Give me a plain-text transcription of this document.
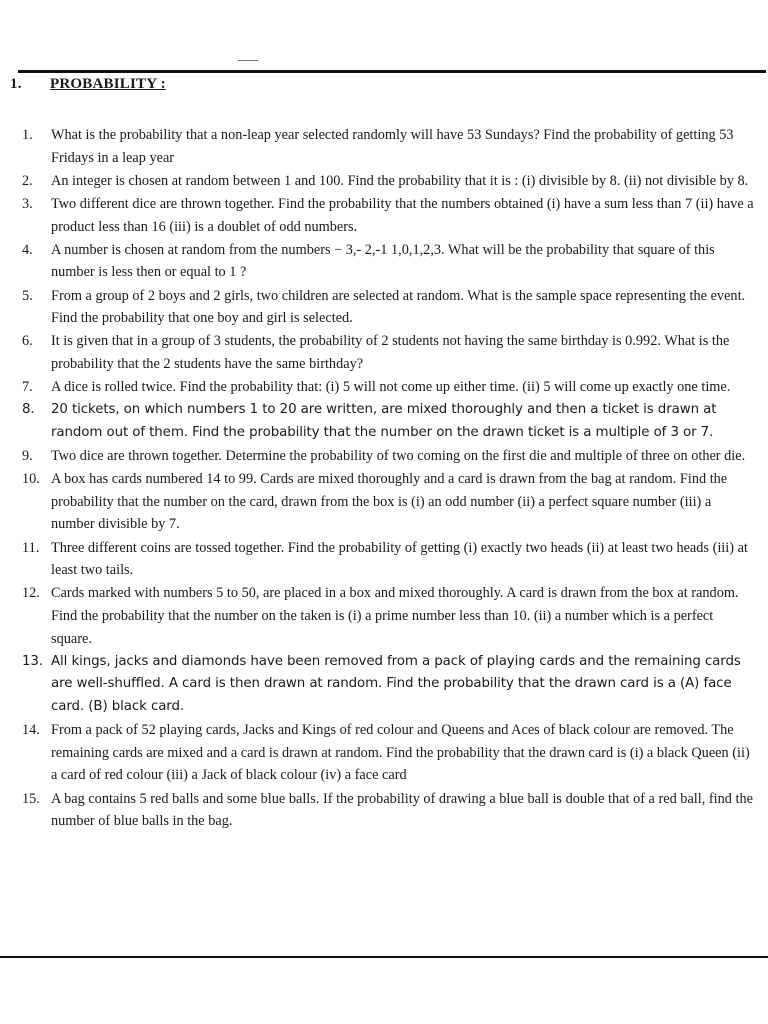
1. PROBABILITY :
1.	What is the probability that a non-leap year selected randomly will have 53 Sundays? Find the probability of getting 53 Fridays in a leap year
2.	An integer is chosen at random between 1 and 100. Find the probability that it is : (i) divisible by 8. (ii) not divisible by 8.
3.	Two different dice are thrown together. Find the probability that the numbers obtained (i) have a sum less than 7 (ii) have a product less than 16 (iii) is a doublet of odd numbers.
4.	A number is chosen at random from the numbers − 3,- 2,-1 1,0,1,2,3. What will be the probability that square of this number is less then or equal to 1 ?
5.	From a group of 2 boys and 2 girls, two children are selected at random. What is the sample space representing the event. Find the probability that one boy and girl is selected.
6.	It is given that in a group of 3 students, the probability of 2 students not having the same birthday is 0.992. What is the probability that the 2 students have the same birthday?
7.	A dice is rolled twice. Find the probability that: (i) 5 will not come up either time. (ii) 5 will come up exactly one time.
8.	20 tickets, on which numbers 1 to 20 are written, are mixed thoroughly and then a ticket is drawn at random out of them. Find the probability that the number on the drawn ticket is a multiple of 3 or 7.
9.	Two dice are thrown together. Determine the probability of two coming on the first die and multiple of three on other die.
10. A box has cards numbered 14 to 99. Cards are mixed thoroughly and a card is drawn from the bag at random. Find the probability that the number on the card, drawn from the box is (i) an odd number (ii) a perfect square number (iii) a number divisible by 7.
11. Three different coins are tossed together. Find the probability of getting (i) exactly two heads (ii) at least two heads (iii) at least two tails.
12. Cards marked with numbers 5 to 50, are placed in a box and mixed thoroughly. A card is drawn from the box at random. Find the probability that the number on the taken is (i) a prime number less than 10. (ii) a number which is a perfect square.
13. All kings, jacks and diamonds have been removed from a pack of playing cards and the remaining cards are well-shuffled. A card is then drawn at random. Find the probability that the drawn card is a (A) face card. (B) black card.
14. From a pack of 52 playing cards, Jacks and Kings of red colour and Queens and Aces of black colour are removed. The remaining cards are mixed and a card is drawn at random. Find the probability that the drawn card is (i) a black Queen (ii) a card of red colour (iii) a Jack of black colour (iv) a face card
15. A bag contains 5 red balls and some blue balls. If the probability of drawing a blue ball is double that of a red ball, find the number of blue balls in the bag.
